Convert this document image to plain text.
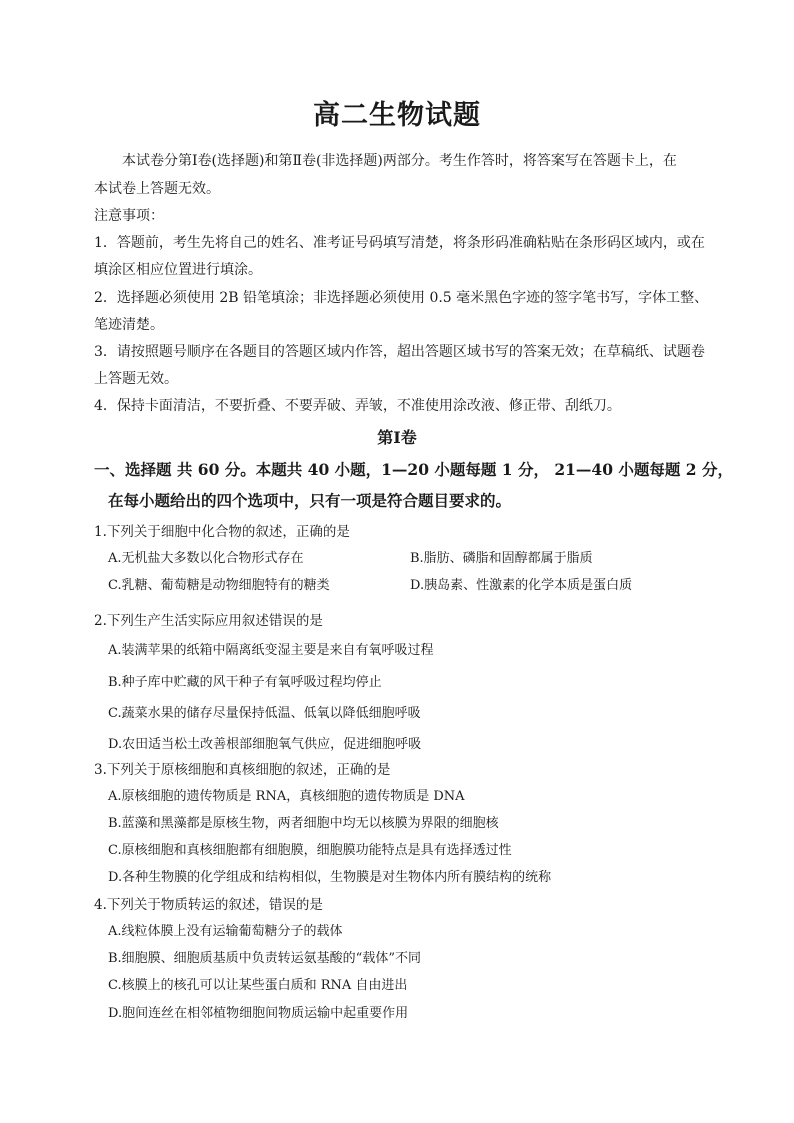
高二生物试题
本试卷分第Ⅰ卷(选择题)和第Ⅱ卷(非选择题)两部分。考生作答时，将答案写在答题卡上，在
本试卷上答题无效。
注意事项：
1．答题前，考生先将自己的姓名、准考证号码填写清楚，将条形码准确粘贴在条形码区域内，或在
填涂区相应位置进行填涂。
2．选择题必须使用 2B 铅笔填涂；非选择题必须使用 0.5 毫米黑色字迹的签字笔书写，字体工整、
笔迹清楚。
3．请按照题号顺序在各题目的答题区域内作答，超出答题区域书写的答案无效；在草稿纸、试题卷
上答题无效。
4．保持卡面清洁，不要折叠、不要弄破、弄皱，不准使用涂改液、修正带、刮纸刀。
第Ⅰ卷
一、选择题 共 60 分。本题共 40 小题，1—20 小题每题 1 分， 21—40 小题每题 2 分，
在每小题给出的四个选项中，只有一项是符合题目要求的。
1.下列关于细胞中化合物的叙述，正确的是
A.无机盐大多数以化合物形式存在	B.脂肪、磷脂和固醇都属于脂质
C.乳糖、葡萄糖是动物细胞特有的糖类	D.胰岛素、性激素的化学本质是蛋白质
2.下列生产生活实际应用叙述错误的是
A.装满苹果的纸箱中隔离纸变湿主要是来自有氧呼吸过程
B.种子库中贮藏的风干种子有氧呼吸过程均停止
C.蔬菜水果的储存尽量保持低温、低氧以降低细胞呼吸
D.农田适当松土改善根部细胞氧气供应，促进细胞呼吸
3.下列关于原核细胞和真核细胞的叙述，正确的是
A.原核细胞的遗传物质是 RNA，真核细胞的遗传物质是 DNA
B.蓝藻和黑藻都是原核生物，两者细胞中均无以核膜为界限的细胞核
C.原核细胞和真核细胞都有细胞膜，细胞膜功能特点是具有选择透过性
D.各种生物膜的化学组成和结构相似，生物膜是对生物体内所有膜结构的统称
4.下列关于物质转运的叙述，错误的是
A.线粒体膜上没有运输葡萄糖分子的载体
B.细胞膜、细胞质基质中负责转运氨基酸的“载体”不同
C.核膜上的核孔可以让某些蛋白质和 RNA 自由进出
D.胞间连丝在相邻植物细胞间物质运输中起重要作用
